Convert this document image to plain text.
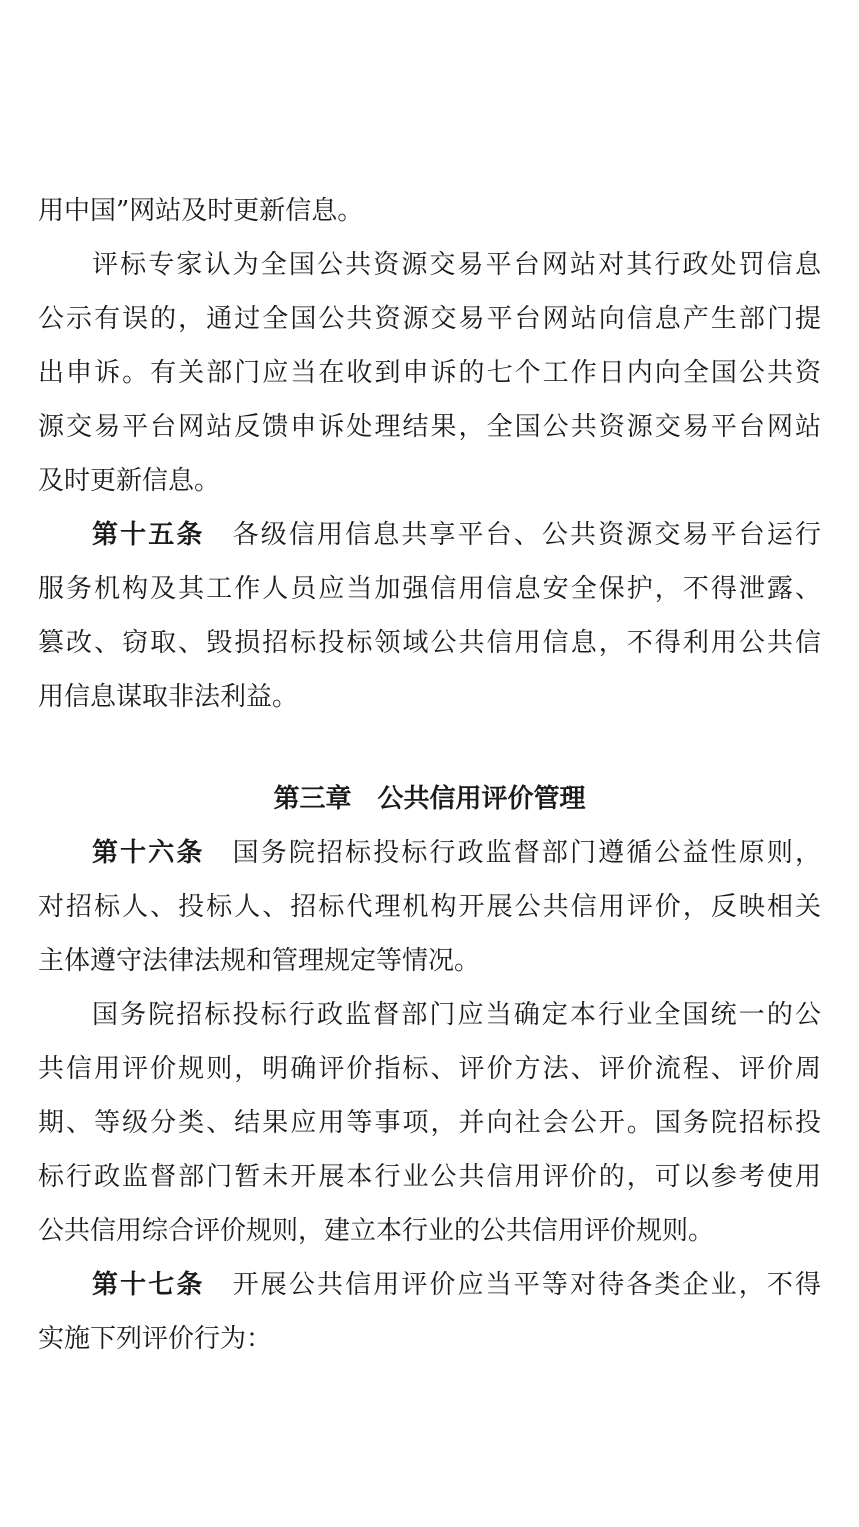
用中国”网站及时更新信息。
评标专家认为全国公共资源交易平台网站对其行政处罚信息
公示有误的，通过全国公共资源交易平台网站向信息产生部门提
出申诉。有关部门应当在收到申诉的七个工作日内向全国公共资
源交易平台网站反馈申诉处理结果，全国公共资源交易平台网站
及时更新信息。
第十五条 各级信用信息共享平台、公共资源交易平台运行
服务机构及其工作人员应当加强信用信息安全保护，不得泄露、
篡改、窃取、毁损招标投标领域公共信用信息，不得利用公共信
用信息谋取非法利益。
第三章 公共信用评价管理
第十六条 国务院招标投标行政监督部门遵循公益性原则，
对招标人、投标人、招标代理机构开展公共信用评价，反映相关
主体遵守法律法规和管理规定等情况。
国务院招标投标行政监督部门应当确定本行业全国统一的公
共信用评价规则，明确评价指标、评价方法、评价流程、评价周
期、等级分类、结果应用等事项，并向社会公开。国务院招标投
标行政监督部门暂未开展本行业公共信用评价的，可以参考使用
公共信用综合评价规则，建立本行业的公共信用评价规则。
第十七条 开展公共信用评价应当平等对待各类企业，不得
实施下列评价行为：
